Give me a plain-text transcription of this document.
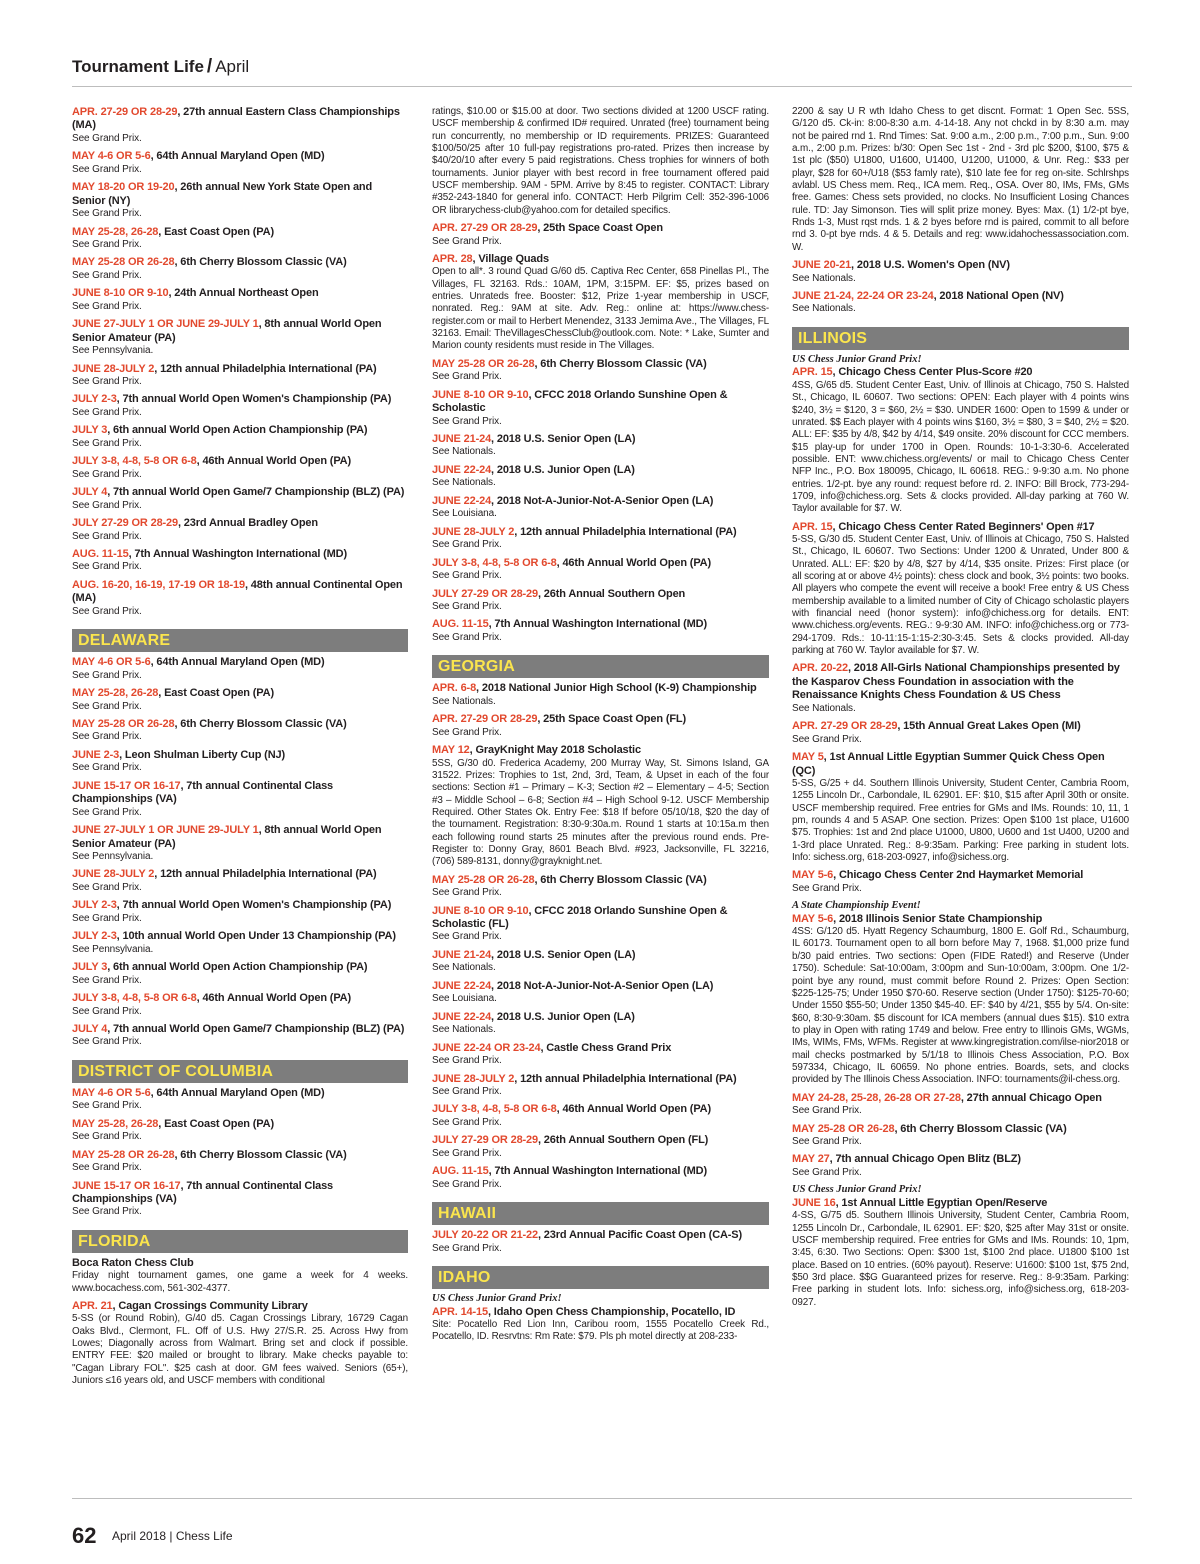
Tournament Life / April
APR. 27-29 OR 28-29, 27th annual Eastern Class Championships (MA)
See Grand Prix.
MAY 4-6 OR 5-6, 64th Annual Maryland Open (MD)
See Grand Prix.
MAY 18-20 OR 19-20, 26th annual New York State Open and Senior (NY)
See Grand Prix.
MAY 25-28, 26-28, East Coast Open (PA)
See Grand Prix.
MAY 25-28 OR 26-28, 6th Cherry Blossom Classic (VA)
See Grand Prix.
JUNE 8-10 OR 9-10, 24th Annual Northeast Open
See Grand Prix.
JUNE 27-JULY 1 OR JUNE 29-JULY 1, 8th annual World Open Senior Amateur (PA)
See Pennsylvania.
JUNE 28-JULY 2, 12th annual Philadelphia International (PA)
See Grand Prix.
JULY 2-3, 7th annual World Open Women's Championship (PA)
See Grand Prix.
JULY 3, 6th annual World Open Action Championship (PA)
See Grand Prix.
JULY 3-8, 4-8, 5-8 OR 6-8, 46th Annual World Open (PA)
See Grand Prix.
JULY 4, 7th annual World Open Game/7 Championship (BLZ) (PA)
See Grand Prix.
JULY 27-29 OR 28-29, 23rd Annual Bradley Open
See Grand Prix.
AUG. 11-15, 7th Annual Washington International (MD)
See Grand Prix.
AUG. 16-20, 16-19, 17-19 OR 18-19, 48th annual Continental Open (MA)
See Grand Prix.
DELAWARE
MAY 4-6 OR 5-6, 64th Annual Maryland Open (MD)
See Grand Prix.
MAY 25-28, 26-28, East Coast Open (PA)
See Grand Prix.
MAY 25-28 OR 26-28, 6th Cherry Blossom Classic (VA)
See Grand Prix.
JUNE 2-3, Leon Shulman Liberty Cup (NJ)
See Grand Prix.
JUNE 15-17 OR 16-17, 7th annual Continental Class Championships (VA)
See Grand Prix.
JUNE 27-JULY 1 OR JUNE 29-JULY 1, 8th annual World Open Senior Amateur (PA)
See Pennsylvania.
JUNE 28-JULY 2, 12th annual Philadelphia International (PA)
See Grand Prix.
JULY 2-3, 7th annual World Open Women's Championship (PA)
See Grand Prix.
JULY 2-3, 10th annual World Open Under 13 Championship (PA)
See Pennsylvania.
JULY 3, 6th annual World Open Action Championship (PA)
See Grand Prix.
JULY 3-8, 4-8, 5-8 OR 6-8, 46th Annual World Open (PA)
See Grand Prix.
JULY 4, 7th annual World Open Game/7 Championship (BLZ) (PA)
See Grand Prix.
DISTRICT OF COLUMBIA
MAY 4-6 OR 5-6, 64th Annual Maryland Open (MD)
See Grand Prix.
MAY 25-28, 26-28, East Coast Open (PA)
See Grand Prix.
MAY 25-28 OR 26-28, 6th Cherry Blossom Classic (VA)
See Grand Prix.
JUNE 15-17 OR 16-17, 7th annual Continental Class Championships (VA)
See Grand Prix.
FLORIDA
Boca Raton Chess Club
Friday night tournament games, one game a week for 4 weeks. www.bocachess.com, 561-302-4377.
APR. 21, Cagan Crossings Community Library
5-SS (or Round Robin), G/40 d5. Cagan Crossings Library, 16729 Cagan Oaks Blvd., Clermont, FL. Off of U.S. Hwy 27/S.R. 25. Across Hwy from Lowes; Diagonally across from Walmart. Bring set and clock if possible. ENTRY FEE: $20 mailed or brought to library. Make checks payable to: "Cagan Library FOL". $25 cash at door. GM fees waived. Seniors (65+), Juniors ≤16 years old, and USCF members with conditional
ratings, $10.00 or $15.00 at door. Two sections divided at 1200 USCF rating. USCF membership & confirmed ID# required. Unrated (free) tournament being run concurrently, no membership or ID requirements. PRIZES: Guaranteed $100/50/25 after 10 full-pay registrations pro-rated. Prizes then increase by $40/20/10 after every 5 paid registrations. Chess trophies for winners of both tournaments. Junior player with best record in free tournament offered paid USCF membership. 9AM - 5PM. Arrive by 8:45 to register. CONTACT: Library #352-243-1840 for general info. CONTACT: Herb Pilgrim Cell: 352-396-1006 OR librarychess-club@yahoo.com for detailed specifics.
APR. 27-29 OR 28-29, 25th Space Coast Open
See Grand Prix.
APR. 28, Village Quads
Open to all*. 3 round Quad G/60 d5. Captiva Rec Center, 658 Pinellas Pl., The Villages, FL 32163. Rds.: 10AM, 1PM, 3:15PM. EF: $5, prizes based on entries. Unrateds free. Booster: $12, Prize 1-year membership in USCF, nonrated. Reg.: 9AM at site. Adv. Reg.: online at: https://www.chess-register.com or mail to Herbert Menendez, 3133 Jemima Ave., The Villages, FL 32163. Email: TheVillagesChessClub@outlook.com. Note: * Lake, Sumter and Marion county residents must reside in The Villages.
MAY 25-28 OR 26-28, 6th Cherry Blossom Classic (VA)
See Grand Prix.
JUNE 8-10 OR 9-10, CFCC 2018 Orlando Sunshine Open & Scholastic
See Grand Prix.
JUNE 21-24, 2018 U.S. Senior Open (LA)
See Nationals.
JUNE 22-24, 2018 U.S. Junior Open (LA)
See Nationals.
JUNE 22-24, 2018 Not-A-Junior-Not-A-Senior Open (LA)
See Louisiana.
JUNE 28-JULY 2, 12th annual Philadelphia International (PA)
See Grand Prix.
JULY 3-8, 4-8, 5-8 OR 6-8, 46th Annual World Open (PA)
See Grand Prix.
JULY 27-29 OR 28-29, 26th Annual Southern Open
See Grand Prix.
AUG. 11-15, 7th Annual Washington International (MD)
See Grand Prix.
GEORGIA
APR. 6-8, 2018 National Junior High School (K-9) Championship
See Nationals.
APR. 27-29 OR 28-29, 25th Space Coast Open (FL)
See Grand Prix.
MAY 12, GrayKnight May 2018 Scholastic
5SS, G/30 d0. Frederica Academy, 200 Murray Way, St. Simons Island, GA 31522. Prizes: Trophies to 1st, 2nd, 3rd, Team, & Upset in each of the four sections: Section #1 – Primary – K-3; Section #2 – Elementary – 4-5; Section #3 – Middle School – 6-8; Section #4 – High School 9-12. USCF Membership Required. Other States Ok. Entry Fee: $18 If before 05/10/18, $20 the day of the tournament. Registration: 8:30-9:30a.m. Round 1 starts at 10:15a.m then each following round starts 25 minutes after the previous round ends. Pre-Register to: Donny Gray, 8601 Beach Blvd. #923, Jacksonville, FL 32216, (706) 589-8131, donny@grayknight.net.
MAY 25-28 OR 26-28, 6th Cherry Blossom Classic (VA)
See Grand Prix.
JUNE 8-10 OR 9-10, CFCC 2018 Orlando Sunshine Open & Scholastic (FL)
See Grand Prix.
JUNE 21-24, 2018 U.S. Senior Open (LA)
See Nationals.
JUNE 22-24, 2018 Not-A-Junior-Not-A-Senior Open (LA)
See Louisiana.
JUNE 22-24, 2018 U.S. Junior Open (LA)
See Nationals.
JUNE 22-24 OR 23-24, Castle Chess Grand Prix
See Grand Prix.
JUNE 28-JULY 2, 12th annual Philadelphia International (PA)
See Grand Prix.
JULY 3-8, 4-8, 5-8 OR 6-8, 46th Annual World Open (PA)
See Grand Prix.
JULY 27-29 OR 28-29, 26th Annual Southern Open (FL)
See Grand Prix.
AUG. 11-15, 7th Annual Washington International (MD)
See Grand Prix.
HAWAII
JULY 20-22 OR 21-22, 23rd Annual Pacific Coast Open (CA-S)
See Grand Prix.
IDAHO
US Chess Junior Grand Prix!
APR. 14-15, Idaho Open Chess Championship, Pocatello, ID
Site: Pocatello Red Lion Inn, Caribou room, 1555 Pocatello Creek Rd., Pocatello, ID. Resrvtns: Rm Rate: $79. Pls ph motel directly at 208-233-
2200 & say U R wth Idaho Chess to get discnt. Format: 1 Open Sec. 5SS, G/120 d5. Ck-in: 8:00-8:30 a.m. 4-14-18. Any not chckd in by 8:30 a.m. may not be paired rnd 1. Rnd Times: Sat. 9:00 a.m., 2:00 p.m., 7:00 p.m., Sun. 9:00 a.m., 2:00 p.m. Prizes: b/30: Open Sec 1st - 2nd - 3rd plc $200, $100, $75 & 1st plc ($50) U1800, U1600, U1400, U1200, U1000, & Unr. Reg.: $33 per playr, $28 for 60+/U18 ($53 famly rate), $10 late fee for reg on-site. Schlrshps avlabl. US Chess mem. Req., ICA mem. Req., OSA. Over 80, IMs, FMs, GMs free. Games: Chess sets provided, no clocks. No Insufficient Losing Chances rule. TD: Jay Simonson. Ties will split prize money. Byes: Max. (1) 1/2-pt bye, Rnds 1-3, Must rqst rnds. 1 & 2 byes before rnd is paired, commit to all before rnd 3. 0-pt bye rnds. 4 & 5. Details and reg: www.idahochessassociation.com. W.
JUNE 20-21, 2018 U.S. Women's Open (NV)
See Nationals.
JUNE 21-24, 22-24 OR 23-24, 2018 National Open (NV)
See Nationals.
ILLINOIS
US Chess Junior Grand Prix!
APR. 15, Chicago Chess Center Plus-Score #20
4SS, G/65 d5. Student Center East, Univ. of Illinois at Chicago, 750 S. Halsted St., Chicago, IL 60607. Two sections: OPEN: Each player with 4 points wins $240, 3½ = $120, 3 = $60, 2½ = $30. UNDER 1600: Open to 1599 & under or unrated. $$ Each player with 4 points wins $160, 3½ = $80, 3 = $40, 2½ = $20. ALL: EF: $35 by 4/8, $42 by 4/14, $49 onsite. 20% discount for CCC members. $15 play-up for under 1700 in Open. Rounds: 10-1-3:30-6. Accelerated possible. ENT: www.chichess.org/events/ or mail to Chicago Chess Center NFP Inc., P.O. Box 180095, Chicago, IL 60618. REG.: 9-9:30 a.m. No phone entries. 1/2-pt. bye any round: request before rd. 2. INFO: Bill Brock, 773-294-1709, info@chichess.org. Sets & clocks provided. All-day parking at 760 W. Taylor available for $7. W.
APR. 15, Chicago Chess Center Rated Beginners' Open #17
5-SS, G/30 d5. Student Center East, Univ. of Illinois at Chicago, 750 S. Halsted St., Chicago, IL 60607. Two Sections: Under 1200 & Unrated, Under 800 & Unrated. ALL: EF: $20 by 4/8, $27 by 4/14, $35 onsite. Prizes: First place (or all scoring at or above 4½ points): chess clock and book, 3½ points: two books. All players who compete the event will receive a book! Free entry & US Chess membership available to a limited number of City of Chicago scholastic players with financial need (honor system): info@chichess.org for details. ENT: www.chichess.org/events. REG.: 9-9:30 AM. INFO: info@chichess.org or 773-294-1709. Rds.: 10-11:15-1:15-2:30-3:45. Sets & clocks provided. All-day parking at 760 W. Taylor available for $7. W.
APR. 20-22, 2018 All-Girls National Championships presented by the Kasparov Chess Foundation in association with the Renaissance Knights Chess Foundation & US Chess
See Nationals.
APR. 27-29 OR 28-29, 15th Annual Great Lakes Open (MI)
See Grand Prix.
MAY 5, 1st Annual Little Egyptian Summer Quick Chess Open (QC)
5-SS, G/25 + d4. Southern Illinois University, Student Center, Cambria Room, 1255 Lincoln Dr., Carbondale, IL 62901. EF: $10, $15 after April 30th or onsite. USCF membership required. Free entries for GMs and IMs. Rounds: 10, 11, 1 pm, rounds 4 and 5 ASAP. One section. Prizes: Open $100 1st place, U1600 $75. Trophies: 1st and 2nd place U1000, U800, U600 and 1st U400, U200 and 1-3rd place Unrated. Reg.: 8-9:35am. Parking: Free parking in student lots. Info: sichess.org, 618-203-0927, info@sichess.org.
MAY 5-6, Chicago Chess Center 2nd Haymarket Memorial
See Grand Prix.
A State Championship Event!
MAY 5-6, 2018 Illinois Senior State Championship
4SS: G/120 d5. Hyatt Regency Schaumburg, 1800 E. Golf Rd., Schaumburg, IL 60173. Tournament open to all born before May 7, 1968. $1,000 prize fund b/30 paid entries. Two sections: Open (FIDE Rated!) and Reserve (Under 1750). Schedule: Sat-10:00am, 3:00pm and Sun-10:00am, 3:00pm. One 1/2-point bye any round, must commit before Round 2. Prizes: Open Section: $225-125-75; Under 1950 $70-60. Reserve section (Under 1750): $125-70-60; Under 1550 $55-50; Under 1350 $45-40. EF: $40 by 4/21, $55 by 5/4. On-site: $60, 8:30-9:30am. $5 discount for ICA members (annual dues $15). $10 extra to play in Open with rating 1749 and below. Free entry to Illinois GMs, WGMs, IMs, WIMs, FMs, WFMs. Register at www.kingregistration.com/ilse-nior2018 or mail checks postmarked by 5/1/18 to Illinois Chess Association, P.O. Box 597334, Chicago, IL 60659. No phone entries. Boards, sets, and clocks provided by The Illinois Chess Association. INFO: tournaments@il-chess.org.
MAY 24-28, 25-28, 26-28 OR 27-28, 27th annual Chicago Open
See Grand Prix.
MAY 25-28 OR 26-28, 6th Cherry Blossom Classic (VA)
See Grand Prix.
MAY 27, 7th annual Chicago Open Blitz (BLZ)
See Grand Prix.
US Chess Junior Grand Prix!
JUNE 16, 1st Annual Little Egyptian Open/Reserve
4-SS, G/75 d5. Southern Illinois University, Student Center, Cambria Room, 1255 Lincoln Dr., Carbondale, IL 62901. EF: $20, $25 after May 31st or onsite. USCF membership required. Free entries for GMs and IMs. Rounds: 10, 1pm, 3:45, 6:30. Two Sections: Open: $300 1st, $100 2nd place. U1800 $100 1st place. Based on 10 entries. (60% payout). Reserve: U1600: $100 1st, $75 2nd, $50 3rd place. $$G Guaranteed prizes for reserve. Reg.: 8-9:35am. Parking: Free parking in student lots. Info: sichess.org, info@sichess.org, 618-203-0927.
62 April 2018 | Chess Life
